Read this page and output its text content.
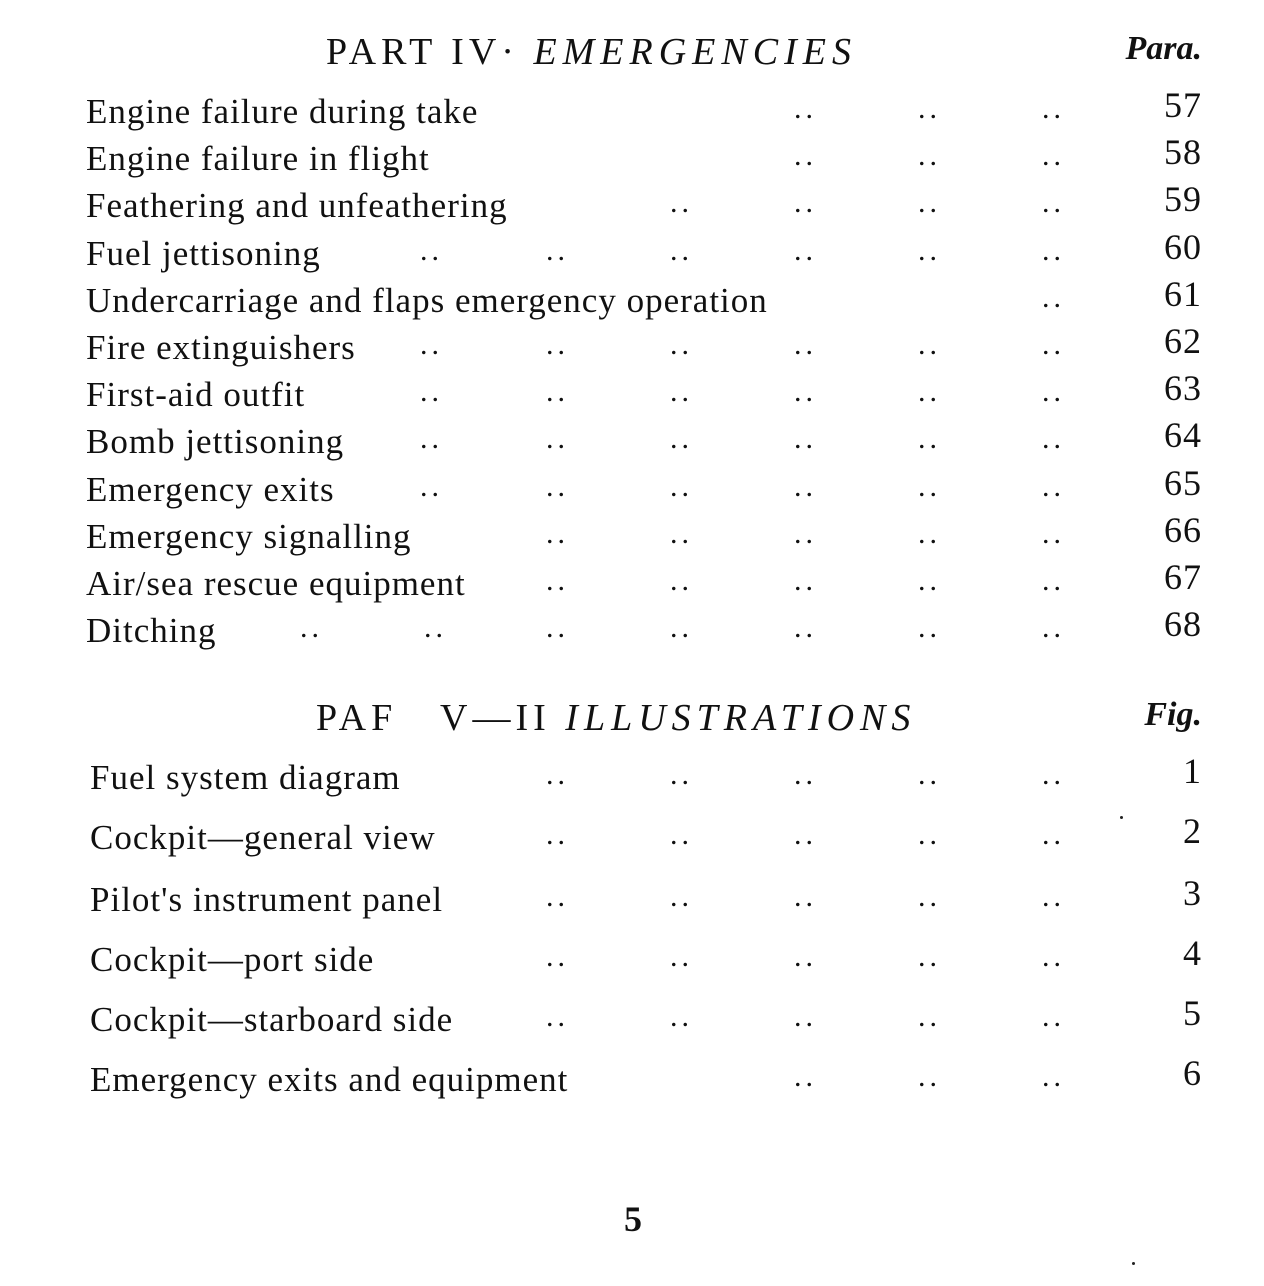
PART IV· EMERGENCIES	Para.
Engine failure during take	..	..	..	57
Engine failure in flight	..	..	..	58
Feathering and unfeathering	..	..	..	..	59
Fuel jettisoning	..	..	..	..	..	..	60
Undercarriage and flaps emergency operation	..	61
Fire extinguishers ..	..	..	..	..	..	62
First-aid outfit	..	..	..	..	..	..	63
Bomb jettisoning	..	..	..	..	..	..	64
Emergency exits	..	..	..	..	..	..	65
Emergency signalling	..	..	..	..	..	66
Air/sea rescue equipment	..	..	..	..	..	67
Ditching	..	..	..	..	..	..	..	68
PAF   V—II ILLUSTRATIONS	Fig.
Fuel system diagram	..	..	..	..	..	1
Cockpit—general view	..	..	..	..	..	2
Pilot's instrument panel	..	..	..	..	..	3
Cockpit—port side	..	..	..	..	..	4
Cockpit—starboard side	..	..	..	..	..	5
Emergency exits and equipment	..	..	..	6
5
